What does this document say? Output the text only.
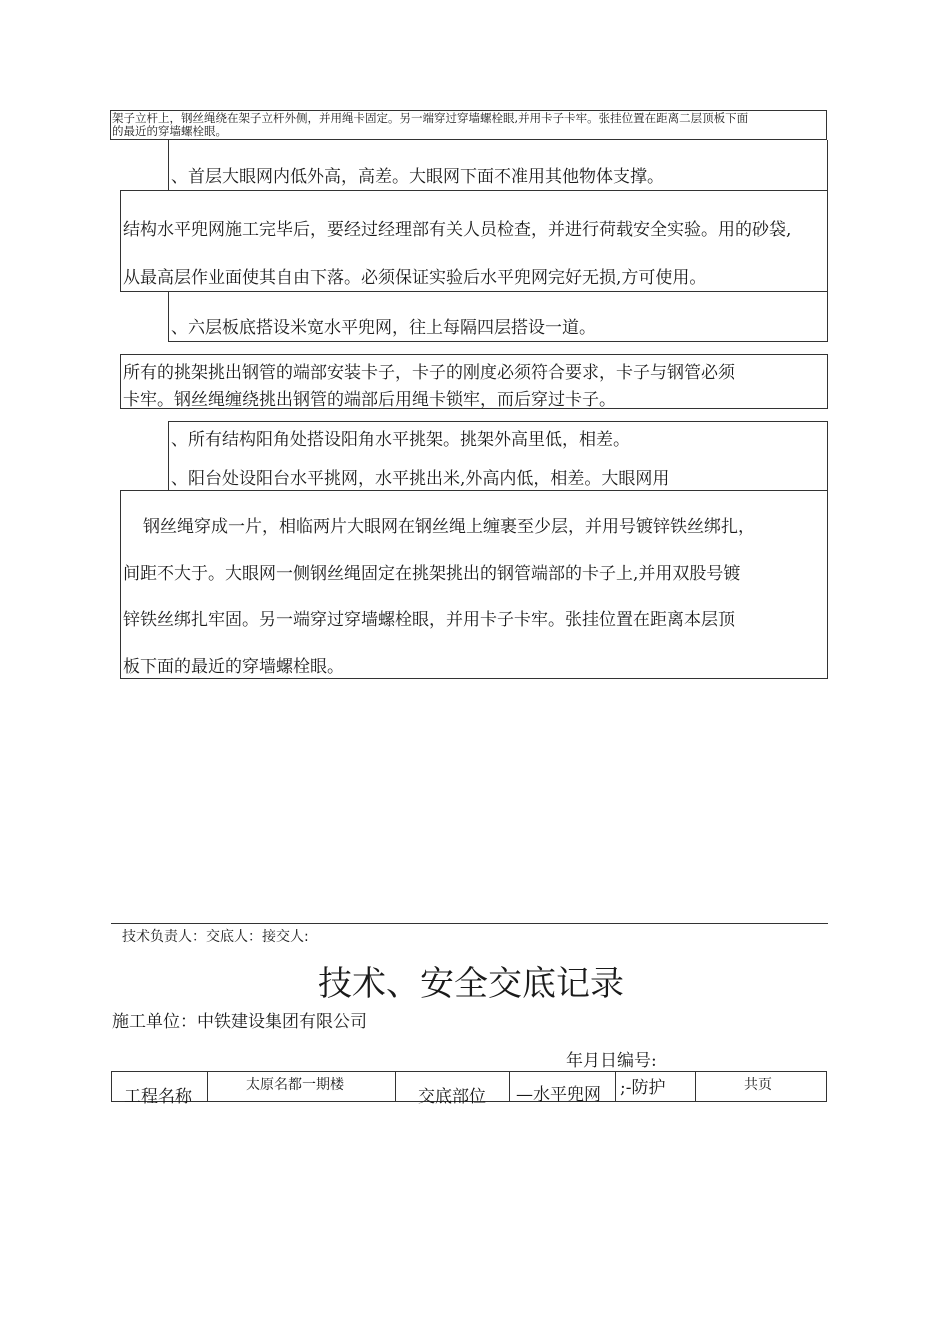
架子立杆上，钢丝绳绕在架子立杆外侧，并用绳卡固定。另一端穿过穿墙螺栓眼,并用卡子卡牢。张挂位置在距离二层顶板下面
的最近的穿墙螺栓眼。
、首层大眼网内低外高，高差。大眼网下面不准用其他物体支撑。
结构水平兜网施工完毕后，要经过经理部有关人员检查，并进行荷载安全实验。用的砂袋,
从最高层作业面使其自由下落。必须保证实验后水平兜网完好无损,方可使用。
、六层板底搭设米宽水平兜网，往上每隔四层搭设一道。
所有的挑架挑出钢管的端部安装卡子，卡子的刚度必须符合要求，卡子与钢管必须
卡牢。钢丝绳缠绕挑出钢管的端部后用绳卡锁牢，而后穿过卡子。
、所有结构阳角处搭设阳角水平挑架。挑架外高里低，相差。
、阳台处设阳台水平挑网，水平挑出米,外高内低，相差。大眼网用
钢丝绳穿成一片，相临两片大眼网在钢丝绳上缠裹至少层，并用号镀锌铁丝绑扎，
间距不大于。大眼网一侧钢丝绳固定在挑架挑出的钢管端部的卡子上,并用双股号镀
锌铁丝绑扎牢固。另一端穿过穿墙螺栓眼，并用卡子卡牢。张挂位置在距离本层顶
板下面的最近的穿墙螺栓眼。
技术负责人：交底人：接交人:
技术、安全交底记录
施工单位：中铁建设集团有限公司
年月日编号:
工程名称
太原名都一期楼
交底部位 —水平兜网 ;-防护	共页
